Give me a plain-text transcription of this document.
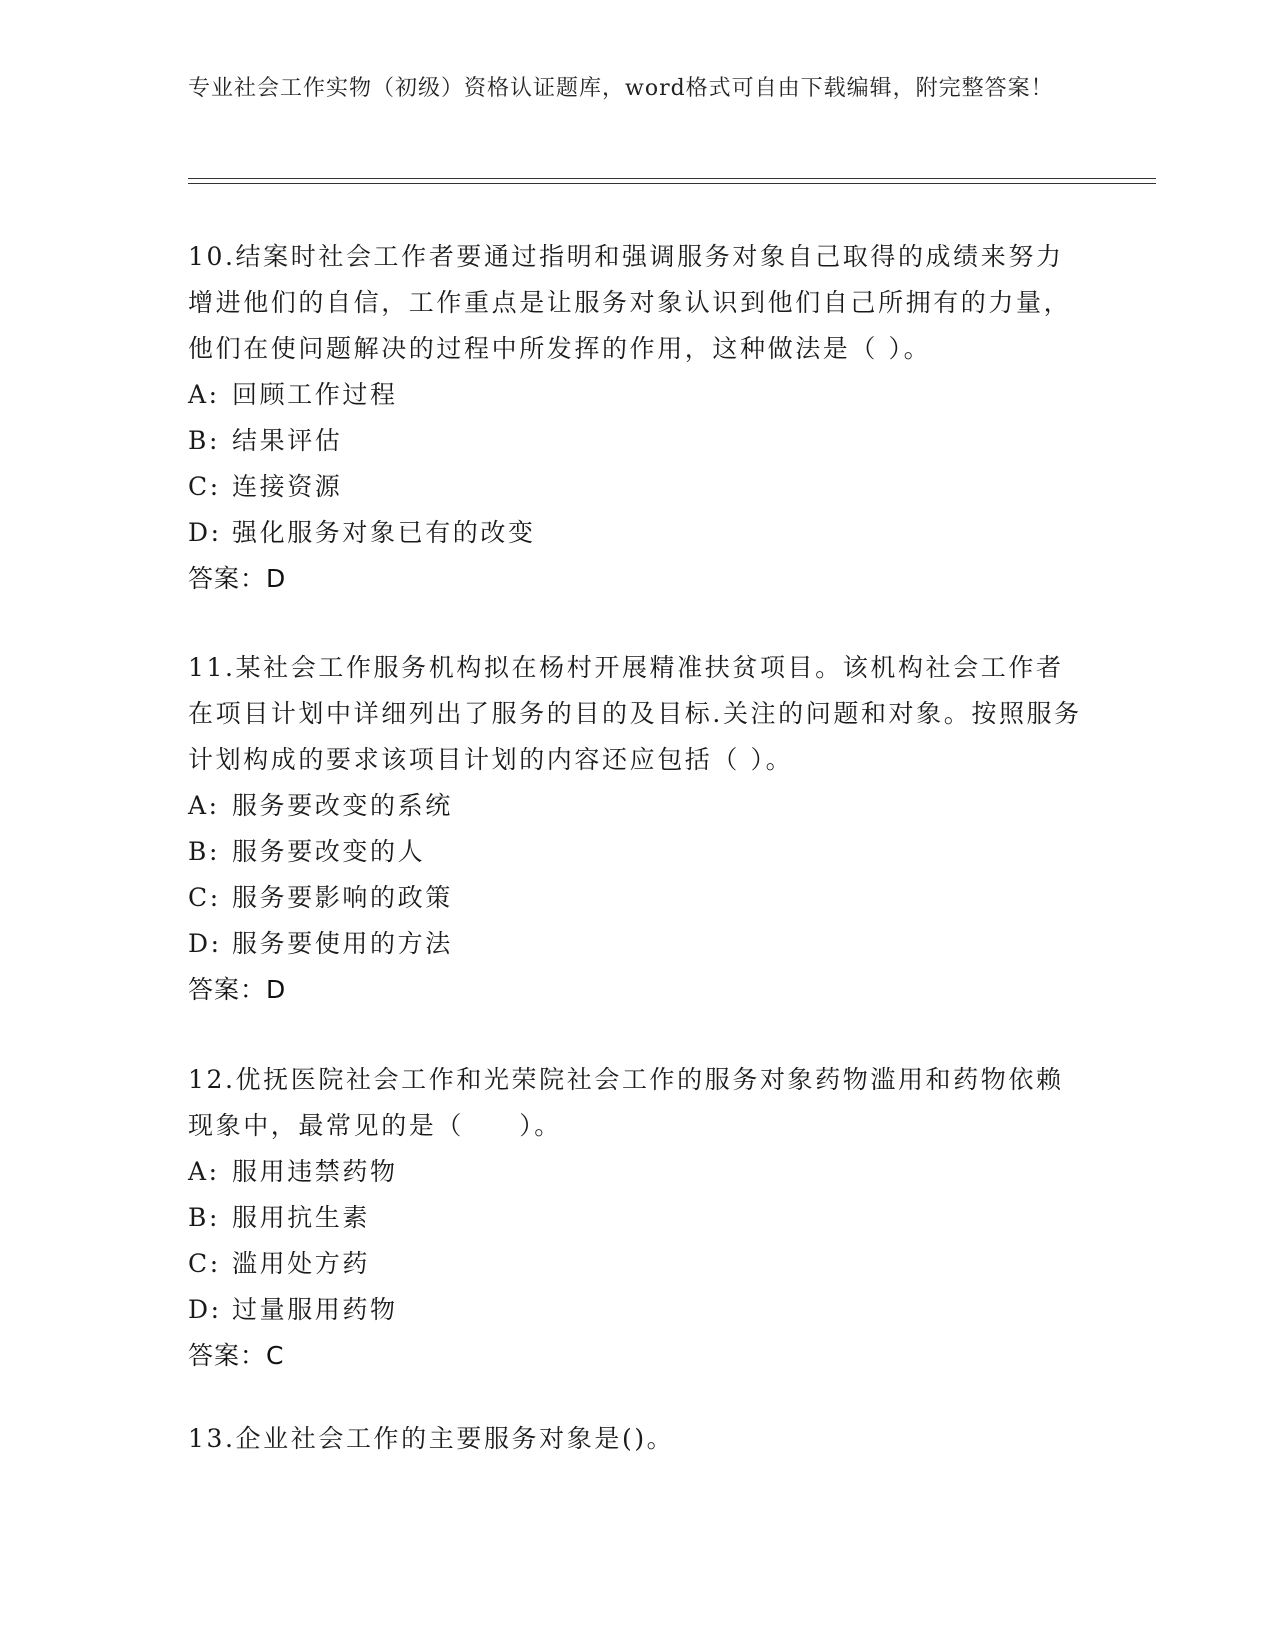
专业社会工作实物（初级）资格认证题库，word格式可自由下载编辑，附完整答案！

10.结案时社会工作者要通过指明和强调服务对象自己取得的成绩来努力增进他们的自信，工作重点是让服务对象认识到他们自己所拥有的力量，他们在使问题解决的过程中所发挥的作用，这种做法是（ ）。

A: 回顾工作过程
B: 结果评估
C: 连接资源
D: 强化服务对象已有的改变

答案：D

11.某社会工作服务机构拟在杨村开展精准扶贫项目。该机构社会工作者在项目计划中详细列出了服务的目的及目标.关注的问题和对象。按照服务计划构成的要求该项目计划的内容还应包括（ ）。

A: 服务要改变的系统
B: 服务要改变的人
C: 服务要影响的政策
D: 服务要使用的方法

答案：D

12.优抚医院社会工作和光荣院社会工作的服务对象药物滥用和药物依赖现象中，最常见的是（　　）。

A: 服用违禁药物
B: 服用抗生素
C: 滥用处方药
D: 过量服用药物

答案：C

13.企业社会工作的主要服务对象是()。
